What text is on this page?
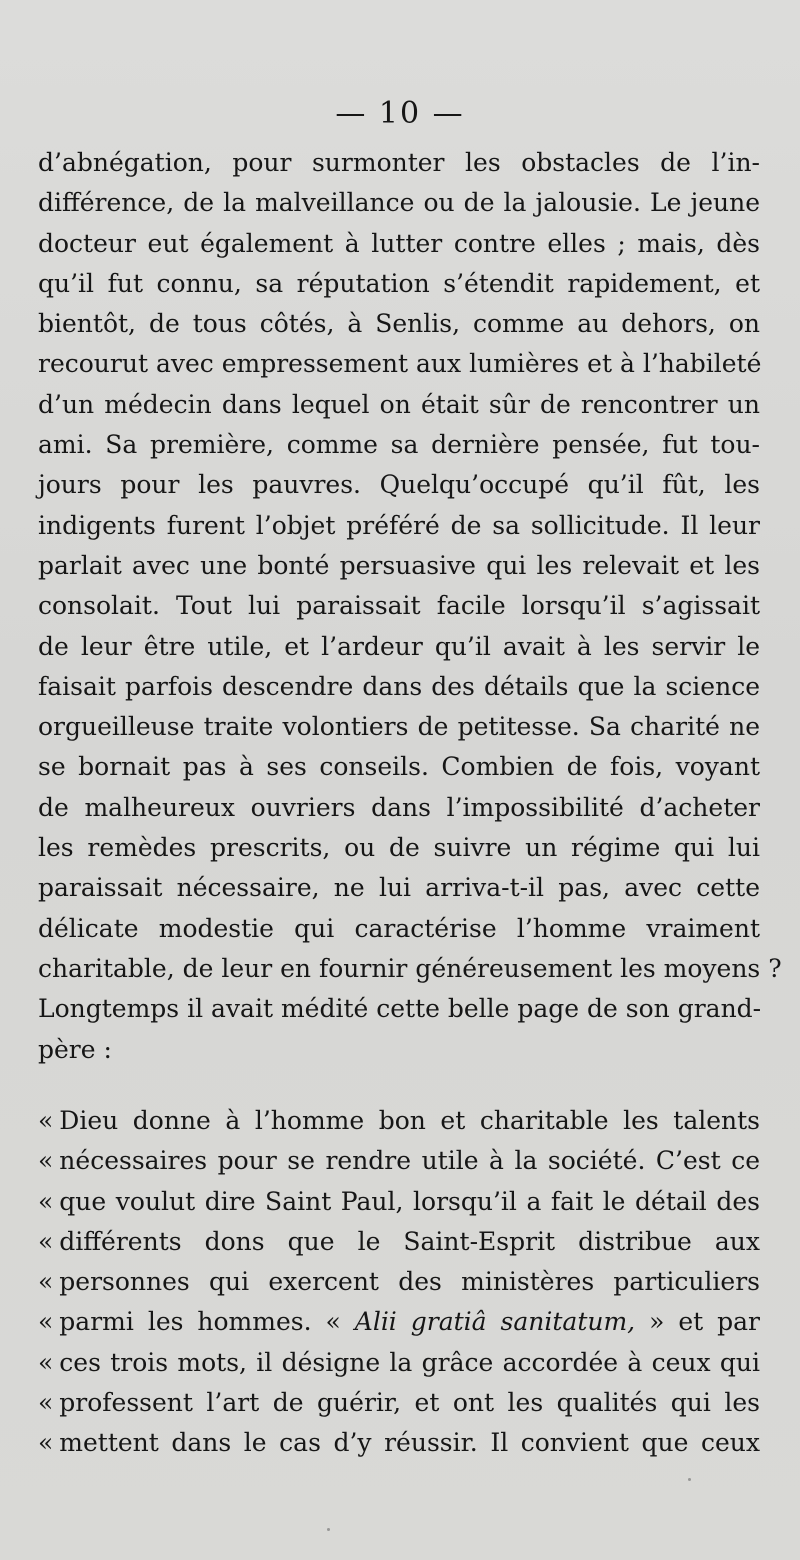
— 10 —
d’abnégation, pour surmonter les obstacles de l’in-
différence, de la malveillance ou de la jalousie. Le jeune
docteur eut également à lutter contre elles ; mais, dès
qu’il fut connu, sa réputation s’étendit rapidement, et
bientôt, de tous côtés, à Senlis, comme au dehors, on
recourut avec empressement aux lumières et à l’habileté
d’un médecin dans lequel on était sûr de rencontrer un
ami. Sa première, comme sa dernière pensée, fut tou-
jours pour les pauvres. Quelqu’occupé qu’il fût, les
indigents furent l’objet préféré de sa sollicitude. Il leur
parlait avec une bonté persuasive qui les relevait et les
consolait. Tout lui paraissait facile lorsqu’il s’agissait
de leur être utile, et l’ardeur qu’il avait à les servir le
faisait parfois descendre dans des détails que la science
orgueilleuse traite volontiers de petitesse. Sa charité ne
se bornait pas à ses conseils. Combien de fois, voyant
de malheureux ouvriers dans l’impossibilité d’acheter
les remèdes prescrits, ou de suivre un régime qui lui
paraissait nécessaire, ne lui arriva-t-il pas, avec cette
délicate modestie qui caractérise l’homme vraiment
charitable, de leur en fournir généreusement les moyens ?
Longtemps il avait médité cette belle page de son grand-
père :
« Dieu donne à l’homme bon et charitable les talents
« nécessaires pour se rendre utile à la société. C’est ce
« que voulut dire Saint Paul, lorsqu’il a fait le détail des
« différents dons que le Saint-Esprit distribue aux
« personnes qui exercent des ministères particuliers
« parmi les hommes. « Alii gratiâ sanitatum, » et par
« ces trois mots, il désigne la grâce accordée à ceux qui
« professent l’art de guérir, et ont les qualités qui les
« mettent dans le cas d’y réussir. Il convient que ceux
